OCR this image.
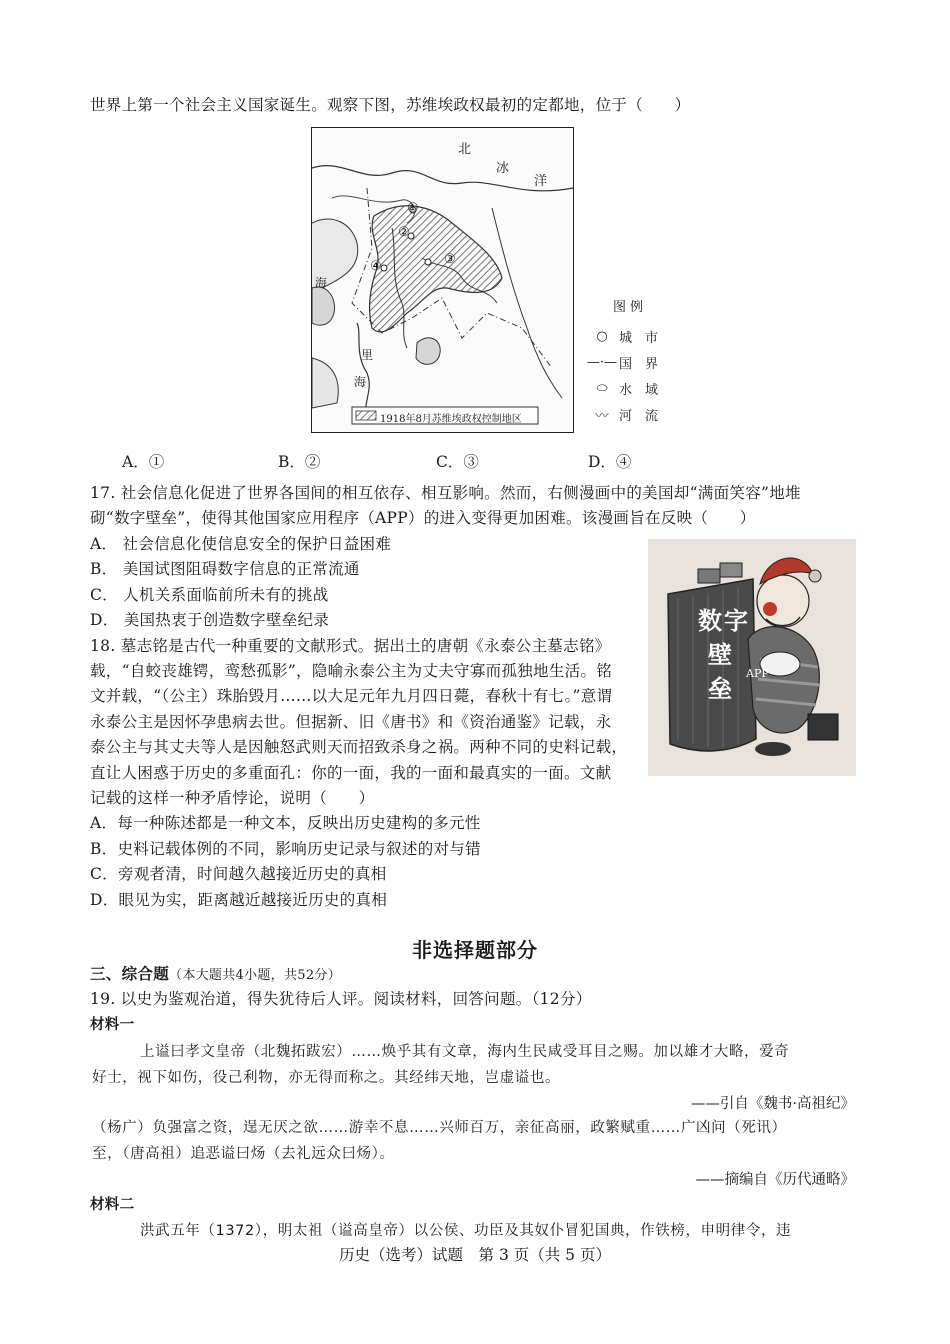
世界上第一个社会主义国家诞生。观察下图，苏维埃政权最初的定都地，位于（　　）
北
冰
洋
海
里
海
①
②
③
④
1918年8月苏维埃政权控制地区
图例
○ 城　市
—·— 国　界
⬭ 水　域
〰 河　流
A．①	B．②	C．③	D．④
17. 社会信息化促进了世界各国间的相互依存、相互影响。然而，右侧漫画中的美国却“满面笑容”地堆
砌“数字壁垒”，使得其他国家应用程序（APP）的进入变得更加困难。该漫画旨在反映（　　）
A． 社会信息化使信息安全的保护日益困难
B． 美国试图阻碍数字信息的正常流通
C． 人机关系面临前所未有的挑战
D． 美国热衷于创造数字壁垒纪录	数 字
壁
垒
APP
18. 墓志铭是古代一种重要的文献形式。据出土的唐朝《永泰公主墓志铭》
载，“自蛟丧雄锷，鸾愁孤影”，隐喻永泰公主为丈夫守寡而孤独地生活。铭
文并载，“（公主）珠胎毁月……以大足元年九月四日薨，春秋十有七。”意谓
永泰公主是因怀孕患病去世。但据新、旧《唐书》和《资治通鉴》记载，永
泰公主与其丈夫等人是因触怒武则天而招致杀身之祸。两种不同的史料记载，
直让人困惑于历史的多重面孔：你的一面，我的一面和最真实的一面。文献
记载的这样一种矛盾悖论，说明（　　）
A．每一种陈述都是一种文本，反映出历史建构的多元性
B．史料记载体例的不同，影响历史记录与叙述的对与错
C．旁观者清，时间越久越接近历史的真相
D．眼见为实，距离越近越接近历史的真相
非选择题部分
三、综合题（本大题共4小题，共52分）
19. 以史为鉴观治道，得失犹待后人评。阅读材料，回答问题。（12分）
材料一
上谥曰孝文皇帝（北魏拓跋宏）……焕乎其有文章，海内生民咸受耳目之赐。加以雄才大略，爱奇
好士，视下如伤，役己利物，亦无得而称之。其经纬天地，岂虚谥也。
——引自《魏书·高祖纪》
（杨广）负强富之资，逞无厌之欲……游幸不息……兴师百万，亲征高丽，政繁赋重……广凶问（死讯）
至，（唐高祖）追恶谥曰炀（去礼远众曰炀）。
——摘编自《历代通略》
材料二
洪武五年（1372），明太祖（谥高皇帝）以公侯、功臣及其奴仆冒犯国典，作铁榜，申明律令，违
历史（选考）试题　第 3 页（共 5 页）
